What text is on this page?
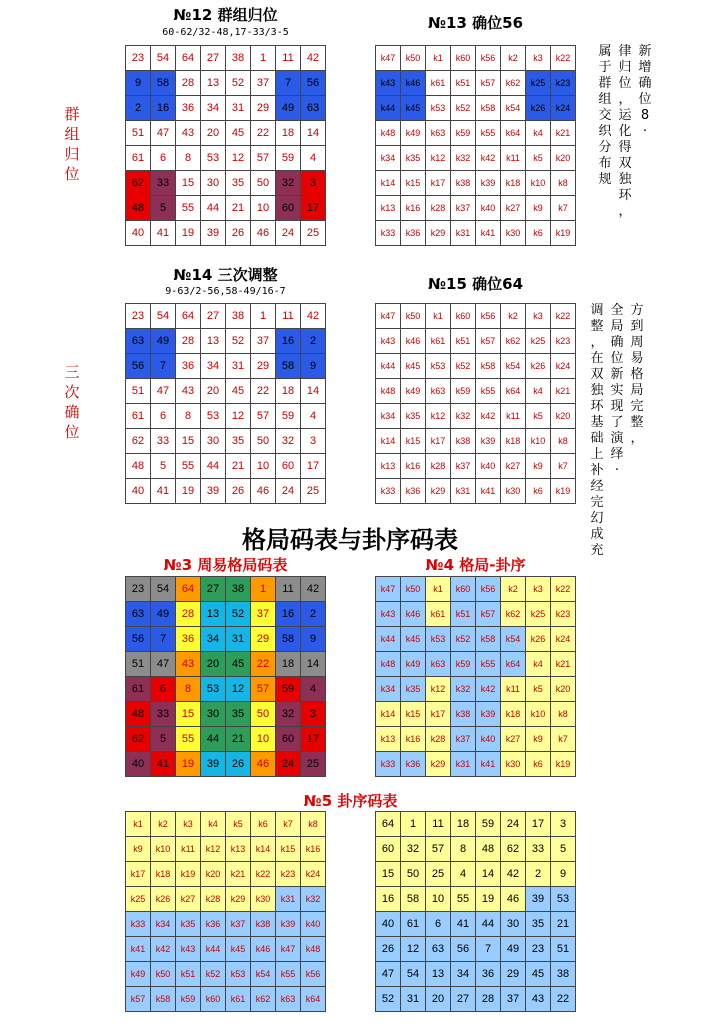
№12 群组归位
60-62/32-48,17-33/3-5
23	54	64	27	38	1	11	42
9	58	28	13	52	37	7	56
2	16	36	34	31	29	49	63
51	47	43	20	45	22	18	14
61	6	8	53	12	57	59	4
62	33	15	30	35	50	32	3
48	5	55	44	21	10	60	17
40	41	19	39	26	46	24	25
№13 确位56
k47	k50	k1	k60	k56	k2	k3	k22
k43	k46	k61	k51	k57	k62	k25	k23
k44	k45	k53	k52	k58	k54	k26	k24
k48	k49	k63	k59	k55	k64	k4	k21
k34	k35	k12	k32	k42	k11	k5	k20
k14	k15	k17	k38	k39	k18	k10	k8
k13	k16	k28	k37	k40	k27	k9	k7
k33	k36	k29	k31	k41	k30	k6	k19
№14 三次调整
9-63/2-56,58-49/16-7
23	54	64	27	38	1	11	42
63	49	28	13	52	37	16	2
56	7	36	34	31	29	58	9
51	47	43	20	45	22	18	14
61	6	8	53	12	57	59	4
62	33	15	30	35	50	32	3
48	5	55	44	21	10	60	17
40	41	19	39	26	46	24	25
№15 确位64
k47	k50	k1	k60	k56	k2	k3	k22
k43	k46	k61	k51	k57	k62	k25	k23
k44	k45	k53	k52	k58	k54	k26	k24
k48	k49	k63	k59	k55	k64	k4	k21
k34	k35	k12	k32	k42	k11	k5	k20
k14	k15	k17	k38	k39	k18	k10	k8
k13	k16	k28	k37	k40	k27	k9	k7
k33	k36	k29	k31	k41	k30	k6	k19
群
组
归
位
三
次
确
位
新
增
确
位
8
·
律
归
位
，
运
化
得
双
独
环
，
属
于
群
组
交
织
分
布
规
方
到
周
易
格
局
完
整
，
全
局
确
位
新
实
现
了
演
绎
·
调
整
，
在
双
独
环
基
础
上
补
经
完
幻
成
充
格局码表与卦序码表
№3 周易格局码表
23	54	64	27	38	1	11	42
63	49	28	13	52	37	16	2
56	7	36	34	31	29	58	9
51	47	43	20	45	22	18	14
61	6	8	53	12	57	59	4
48	33	15	30	35	50	32	3
62	5	55	44	21	10	60	17
40	41	19	39	26	46	24	25
№4 格局-卦序
k47	k50	k1	k60	k56	k2	k3	k22
k43	k46	k61	k51	k57	k62	k25	k23
k44	k45	k53	k52	k58	k54	k26	k24
k48	k49	k63	k59	k55	k64	k4	k21
k34	k35	k12	k32	k42	k11	k5	k20
k14	k15	k17	k38	k39	k18	k10	k8
k13	k16	k28	k37	k40	k27	k9	k7
k33	k36	k29	k31	k41	k30	k6	k19
№5 卦序码表
k1	k2	k3	k4	k5	k6	k7	k8
k9	k10	k11	k12	k13	k14	k15	k16
k17	k18	k19	k20	k21	k22	k23	k24
k25	k26	k27	k28	k29	k30	k31	k32
k33	k34	k35	k36	k37	k38	k39	k40
k41	k42	k43	k44	k45	k46	k47	k48
k49	k50	k51	k52	k53	k54	k55	k56
k57	k58	k59	k60	k61	k62	k63	k64
64	1	11	18	59	24	17	3
60	32	57	8	48	62	33	5
15	50	25	4	14	42	2	9
16	58	10	55	19	46	39	53
40	61	6	41	44	30	35	21
26	12	63	56	7	49	23	51
47	54	13	34	36	29	45	38
52	31	20	27	28	37	43	22
